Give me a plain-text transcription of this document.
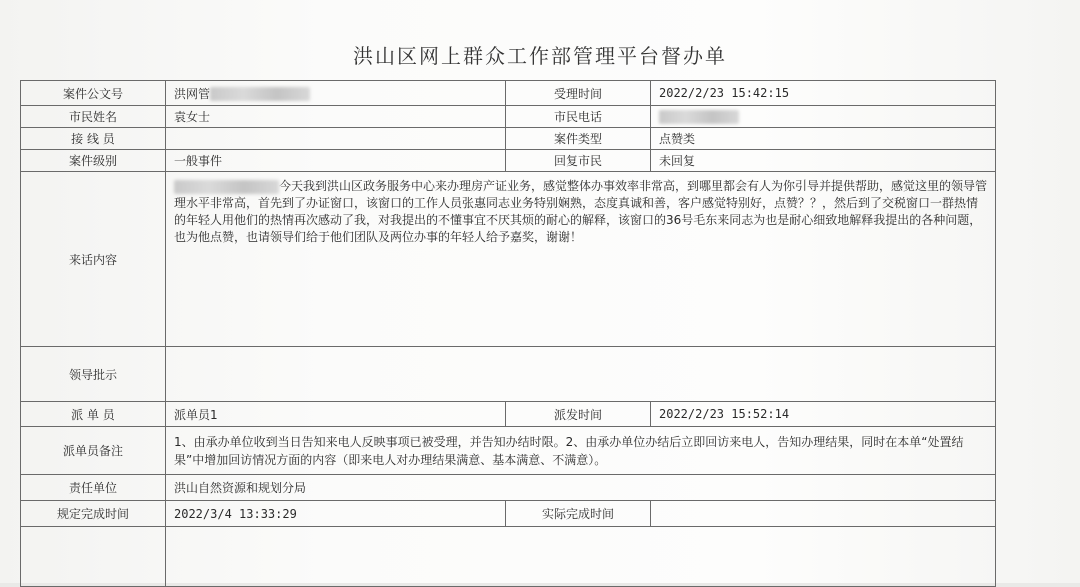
洪山区网上群众工作部管理平台督办单
案件公文号	洪网管	受理时间	2022/2/23 15:42:15
市民姓名	袁女士	市民电话	
接 线 员		案件类型	点赞类
案件级别	一般事件	回复市民	未回复
来话内容	今天我到洪山区政务服务中心来办理房产证业务，感觉整体办事效率非常高，到哪里都会有人为你引导并提供帮助，感觉这里的领导管理水平非常高，首先到了办证窗口，该窗口的工作人员张惠同志业务特别娴熟，态度真诚和善，客户感觉特别好，点赞？？，然后到了交税窗口一群热情的年轻人用他们的热情再次感动了我，对我提出的不懂事宜不厌其烦的耐心的解释，该窗口的36号毛东来同志为也是耐心细致地解释我提出的各种问题，也为他点赞，也请领导们给于他们团队及两位办事的年轻人给予嘉奖，谢谢！		
领导批示			
派 单 员	派单员1	派发时间	2022/2/23 15:52:14
派单员备注	1、由承办单位收到当日告知来电人反映事项已被受理，并告知办结时限。2、由承办单位办结后立即回访来电人，告知办理结果，同时在本单“处置结果”中增加回访情况方面的内容（即来电人对办理结果满意、基本满意、不满意）。		
责任单位	洪山自然资源和规划分局		
规定完成时间	2022/3/4 13:33:29	实际完成时间	
